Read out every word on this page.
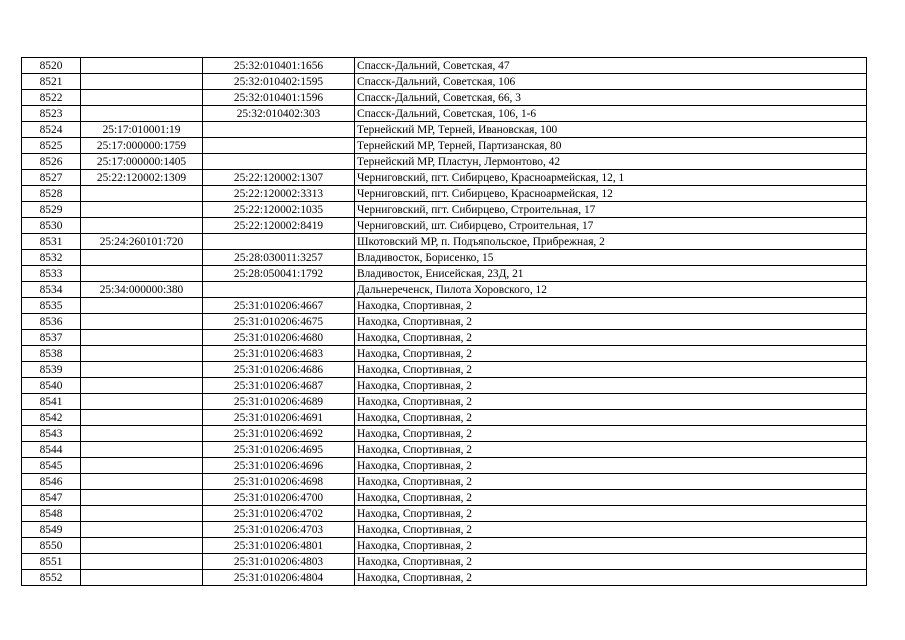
8520		25:32:010401:1656	Спасск-Дальний, Советская, 47
8521		25:32:010402:1595	Спасск-Дальний, Советская, 106
8522		25:32:010401:1596	Спасск-Дальний, Советская, 66, 3
8523		25:32:010402:303	Спасск-Дальний, Советская, 106, 1-6
8524	25:17:010001:19		Тернейский МР, Терней, Ивановская, 100
8525	25:17:000000:1759		Тернейский МР, Терней, Партизанская, 80
8526	25:17:000000:1405		Тернейский МР, Пластун, Лермонтово, 42
8527	25:22:120002:1309	25:22:120002:1307	Черниговский, пгт. Сибирцево, Красноармейская, 12, 1
8528		25:22:120002:3313	Черниговский, пгт. Сибирцево, Красноармейская, 12
8529		25:22:120002:1035	Черниговский, пгт. Сибирцево, Строительная, 17
8530		25:22:120002:8419	Черниговский, шт. Сибирцево, Строительная, 17
8531	25:24:260101:720		Шкотовский МР, п. Подъяпольское, Прибрежная, 2
8532		25:28:030011:3257	Владивосток, Борисенко, 15
8533		25:28:050041:1792	Владивосток, Енисейская, 23Д, 21
8534	25:34:000000:380		Дальнереченск, Пилота Хоровского, 12
8535		25:31:010206:4667	Находка, Спортивная, 2
8536		25:31:010206:4675	Находка, Спортивная, 2
8537		25:31:010206:4680	Находка, Спортивная, 2
8538		25:31:010206:4683	Находка, Спортивная, 2
8539		25:31:010206:4686	Находка, Спортивная, 2
8540		25:31:010206:4687	Находка, Спортивная, 2
8541		25:31:010206:4689	Находка, Спортивная, 2
8542		25:31:010206:4691	Находка, Спортивная, 2
8543		25:31:010206:4692	Находка, Спортивная, 2
8544		25:31:010206:4695	Находка, Спортивная, 2
8545		25:31:010206:4696	Находка, Спортивная, 2
8546		25:31:010206:4698	Находка, Спортивная, 2
8547		25:31:010206:4700	Находка, Спортивная, 2
8548		25:31:010206:4702	Находка, Спортивная, 2
8549		25:31:010206:4703	Находка, Спортивная, 2
8550		25:31:010206:4801	Находка, Спортивная, 2
8551		25:31:010206:4803	Находка, Спортивная, 2
8552		25:31:010206:4804	Находка, Спортивная, 2
